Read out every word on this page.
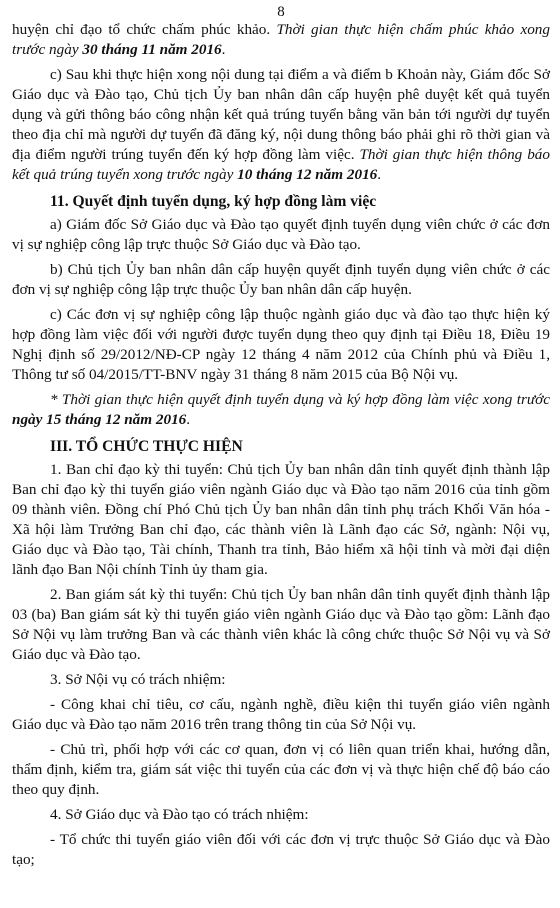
8

huyện chỉ đạo tổ chức chấm phúc khảo. Thời gian thực hiện chấm phúc khảo xong trước ngày 30 tháng 11 năm 2016.

c) Sau khi thực hiện xong nội dung tại điểm a và điểm b Khoản này, Giám đốc Sở Giáo dục và Đào tạo, Chủ tịch Ủy ban nhân dân cấp huyện phê duyệt kết quả tuyển dụng và gửi thông báo công nhận kết quả trúng tuyển bằng văn bản tới người dự tuyển theo địa chỉ mà người dự tuyển đã đăng ký, nội dung thông báo phải ghi rõ thời gian và địa điểm người trúng tuyển đến ký hợp đồng làm việc. Thời gian thực hiện thông báo kết quả trúng tuyển xong trước ngày 10 tháng 12 năm 2016.

11. Quyết định tuyển dụng, ký hợp đồng làm việc

a) Giám đốc Sở Giáo dục và Đào tạo quyết định tuyển dụng viên chức ở các đơn vị sự nghiệp công lập trực thuộc Sở Giáo dục và Đào tạo.

b) Chủ tịch Ủy ban nhân dân cấp huyện quyết định tuyển dụng viên chức ở các đơn vị sự nghiệp công lập trực thuộc Ủy ban nhân dân cấp huyện.

c) Các đơn vị sự nghiệp công lập thuộc ngành giáo dục và đào tạo thực hiện ký hợp đồng làm việc đối với người được tuyển dụng theo quy định tại Điều 18, Điều 19 Nghị định số 29/2012/NĐ-CP ngày 12 tháng 4 năm 2012 của Chính phủ và Điều 1, Thông tư số 04/2015/TT-BNV ngày 31 tháng 8 năm 2015 của Bộ Nội vụ.

* Thời gian thực hiện quyết định tuyển dụng và ký hợp đồng làm việc xong trước ngày 15 tháng 12 năm 2016.

III. TỔ CHỨC THỰC HIỆN

1. Ban chỉ đạo kỳ thi tuyển: Chủ tịch Ủy ban nhân dân tỉnh quyết định thành lập Ban chỉ đạo kỳ thi tuyển giáo viên ngành Giáo dục và Đào tạo năm 2016 của tỉnh gồm 09 thành viên. Đồng chí Phó Chủ tịch Ủy ban nhân dân tỉnh phụ trách Khối Văn hóa - Xã hội làm Trưởng Ban chỉ đạo, các thành viên là Lãnh đạo các Sở, ngành: Nội vụ, Giáo dục và Đào tạo, Tài chính, Thanh tra tỉnh, Bảo hiểm xã hội tỉnh và mời đại diện lãnh đạo Ban Nội chính Tỉnh ủy tham gia.

2. Ban giám sát kỳ thi tuyển: Chủ tịch Ủy ban nhân dân tỉnh quyết định thành lập 03 (ba) Ban giám sát kỳ thi tuyển giáo viên ngành Giáo dục và Đào tạo gồm: Lãnh đạo Sở Nội vụ làm trưởng Ban và các thành viên khác là công chức thuộc Sở Nội vụ và Sở Giáo dục và Đào tạo.

3. Sở Nội vụ có trách nhiệm:

- Công khai chỉ tiêu, cơ cấu, ngành nghề, điều kiện thi tuyển giáo viên ngành Giáo dục và Đào tạo năm 2016 trên trang thông tin của Sở Nội vụ.

- Chủ trì, phối hợp với các cơ quan, đơn vị có liên quan triển khai, hướng dẫn, thẩm định, kiểm tra, giám sát việc thi tuyển của các đơn vị và thực hiện chế độ báo cáo theo quy định.

4. Sở Giáo dục và Đào tạo có trách nhiệm:

- Tổ chức thi tuyển giáo viên đối với các đơn vị trực thuộc Sở Giáo dục và Đào tạo;
